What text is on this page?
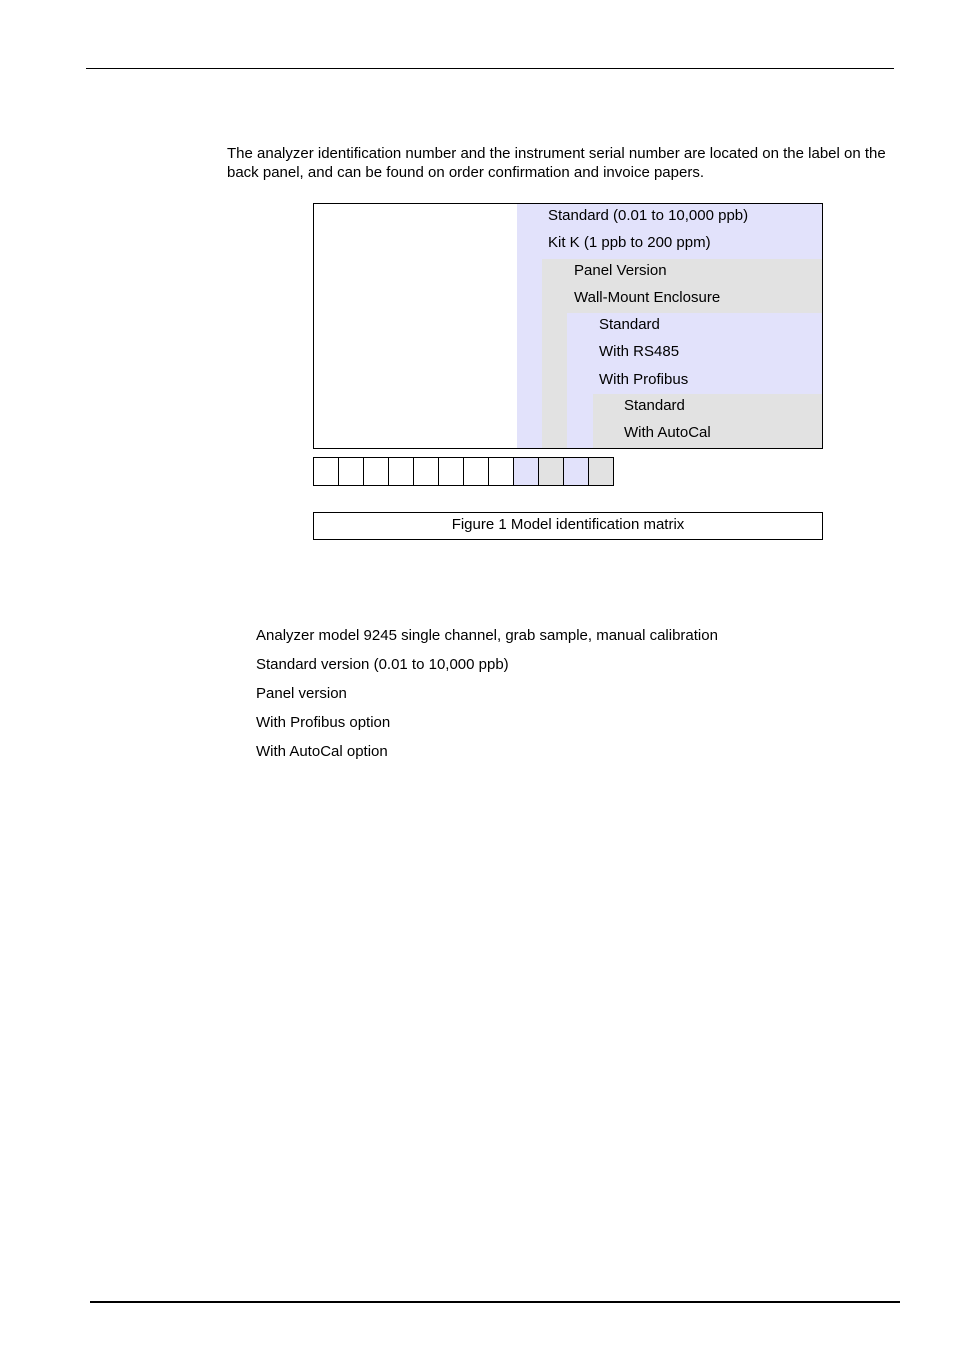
The analyzer identification number and the instrument serial number are located on the label on the back panel, and can be found on order confirmation and invoice papers.

Standard (0.01 to 10,000 ppb)
Kit K (1 ppb to 200 ppm)
Panel Version
Wall-Mount Enclosure
Standard
With RS485
With Profibus
Standard
With AutoCal
Figure 1 Model identification matrix
Analyzer model 9245 single channel, grab sample, manual calibration
Standard version (0.01 to 10,000 ppb)
Panel version
With Profibus option
With AutoCal option
